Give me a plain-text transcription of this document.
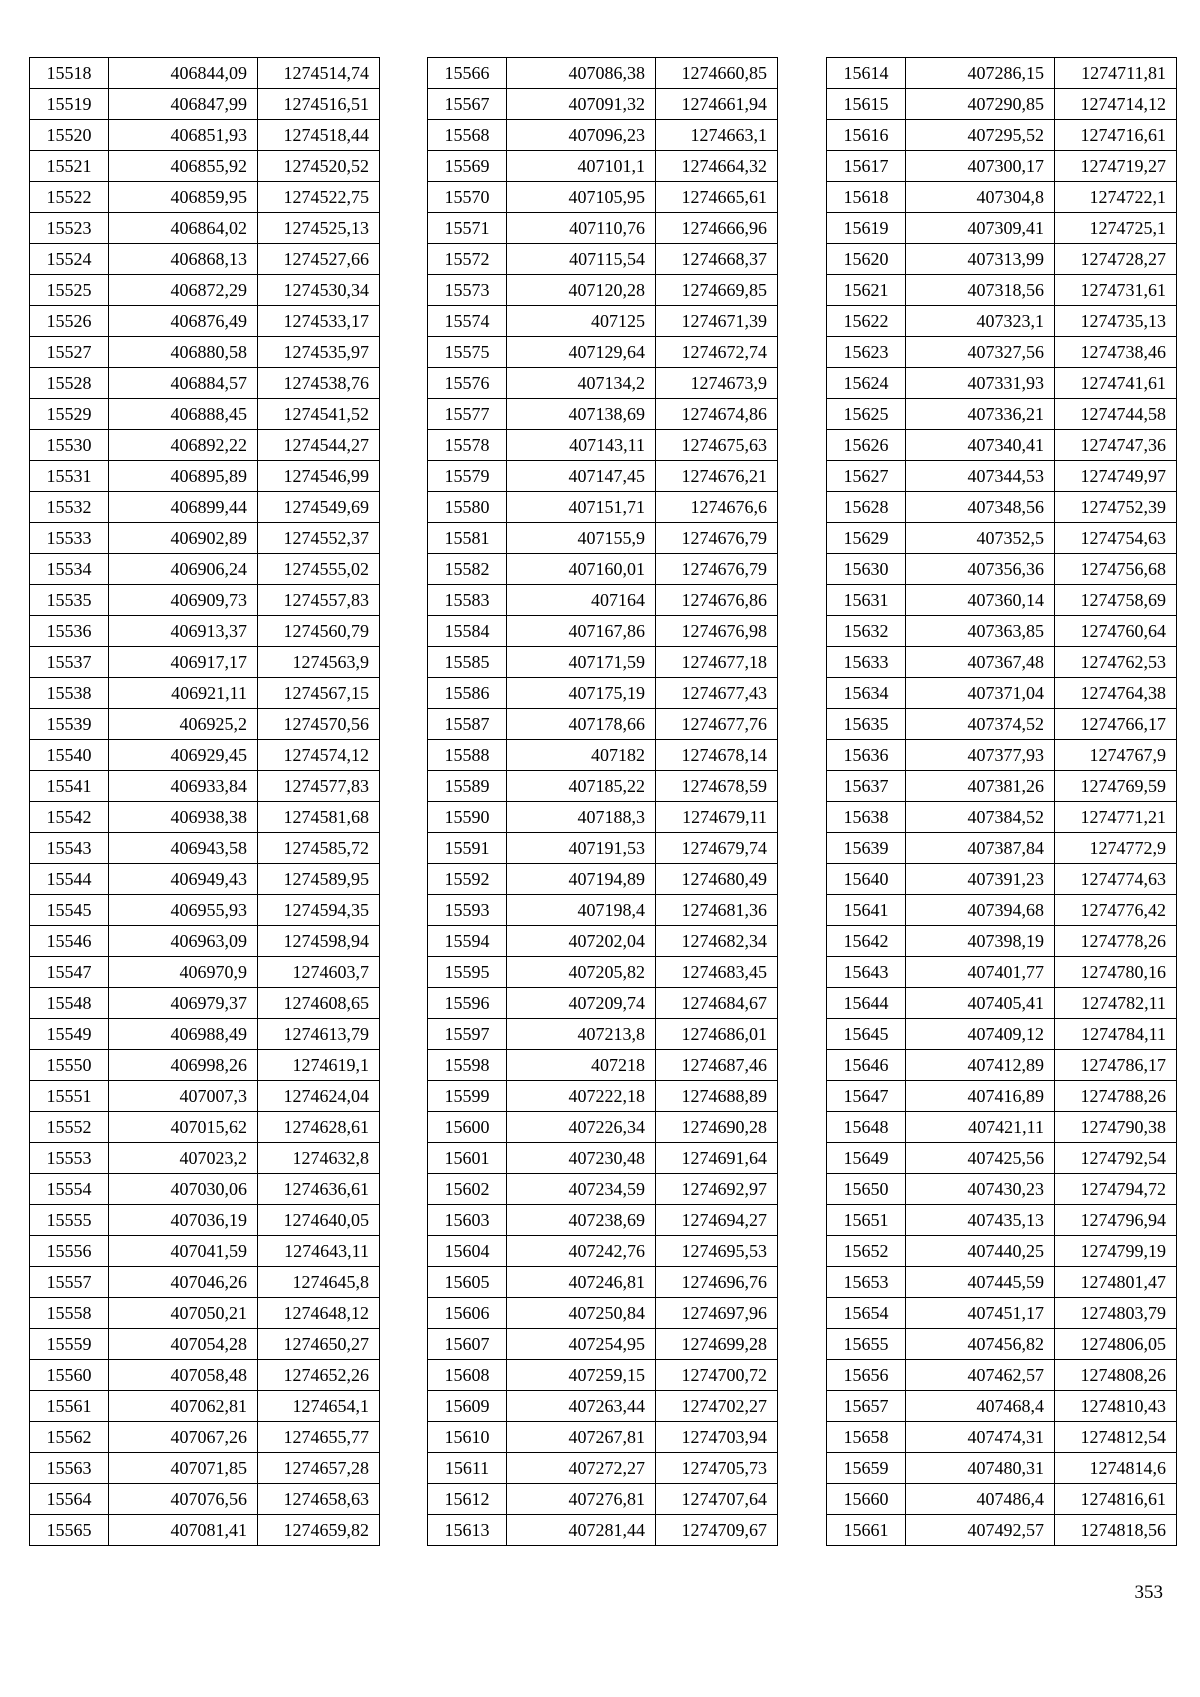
15518	406844,09	1274514,74
15519	406847,99	1274516,51
15520	406851,93	1274518,44
15521	406855,92	1274520,52
15522	406859,95	1274522,75
15523	406864,02	1274525,13
15524	406868,13	1274527,66
15525	406872,29	1274530,34
15526	406876,49	1274533,17
15527	406880,58	1274535,97
15528	406884,57	1274538,76
15529	406888,45	1274541,52
15530	406892,22	1274544,27
15531	406895,89	1274546,99
15532	406899,44	1274549,69
15533	406902,89	1274552,37
15534	406906,24	1274555,02
15535	406909,73	1274557,83
15536	406913,37	1274560,79
15537	406917,17	1274563,9
15538	406921,11	1274567,15
15539	406925,2	1274570,56
15540	406929,45	1274574,12
15541	406933,84	1274577,83
15542	406938,38	1274581,68
15543	406943,58	1274585,72
15544	406949,43	1274589,95
15545	406955,93	1274594,35
15546	406963,09	1274598,94
15547	406970,9	1274603,7
15548	406979,37	1274608,65
15549	406988,49	1274613,79
15550	406998,26	1274619,1
15551	407007,3	1274624,04
15552	407015,62	1274628,61
15553	407023,2	1274632,8
15554	407030,06	1274636,61
15555	407036,19	1274640,05
15556	407041,59	1274643,11
15557	407046,26	1274645,8
15558	407050,21	1274648,12
15559	407054,28	1274650,27
15560	407058,48	1274652,26
15561	407062,81	1274654,1
15562	407067,26	1274655,77
15563	407071,85	1274657,28
15564	407076,56	1274658,63
15565	407081,41	1274659,82
15566	407086,38	1274660,85
15567	407091,32	1274661,94
15568	407096,23	1274663,1
15569	407101,1	1274664,32
15570	407105,95	1274665,61
15571	407110,76	1274666,96
15572	407115,54	1274668,37
15573	407120,28	1274669,85
15574	407125	1274671,39
15575	407129,64	1274672,74
15576	407134,2	1274673,9
15577	407138,69	1274674,86
15578	407143,11	1274675,63
15579	407147,45	1274676,21
15580	407151,71	1274676,6
15581	407155,9	1274676,79
15582	407160,01	1274676,79
15583	407164	1274676,86
15584	407167,86	1274676,98
15585	407171,59	1274677,18
15586	407175,19	1274677,43
15587	407178,66	1274677,76
15588	407182	1274678,14
15589	407185,22	1274678,59
15590	407188,3	1274679,11
15591	407191,53	1274679,74
15592	407194,89	1274680,49
15593	407198,4	1274681,36
15594	407202,04	1274682,34
15595	407205,82	1274683,45
15596	407209,74	1274684,67
15597	407213,8	1274686,01
15598	407218	1274687,46
15599	407222,18	1274688,89
15600	407226,34	1274690,28
15601	407230,48	1274691,64
15602	407234,59	1274692,97
15603	407238,69	1274694,27
15604	407242,76	1274695,53
15605	407246,81	1274696,76
15606	407250,84	1274697,96
15607	407254,95	1274699,28
15608	407259,15	1274700,72
15609	407263,44	1274702,27
15610	407267,81	1274703,94
15611	407272,27	1274705,73
15612	407276,81	1274707,64
15613	407281,44	1274709,67
15614	407286,15	1274711,81
15615	407290,85	1274714,12
15616	407295,52	1274716,61
15617	407300,17	1274719,27
15618	407304,8	1274722,1
15619	407309,41	1274725,1
15620	407313,99	1274728,27
15621	407318,56	1274731,61
15622	407323,1	1274735,13
15623	407327,56	1274738,46
15624	407331,93	1274741,61
15625	407336,21	1274744,58
15626	407340,41	1274747,36
15627	407344,53	1274749,97
15628	407348,56	1274752,39
15629	407352,5	1274754,63
15630	407356,36	1274756,68
15631	407360,14	1274758,69
15632	407363,85	1274760,64
15633	407367,48	1274762,53
15634	407371,04	1274764,38
15635	407374,52	1274766,17
15636	407377,93	1274767,9
15637	407381,26	1274769,59
15638	407384,52	1274771,21
15639	407387,84	1274772,9
15640	407391,23	1274774,63
15641	407394,68	1274776,42
15642	407398,19	1274778,26
15643	407401,77	1274780,16
15644	407405,41	1274782,11
15645	407409,12	1274784,11
15646	407412,89	1274786,17
15647	407416,89	1274788,26
15648	407421,11	1274790,38
15649	407425,56	1274792,54
15650	407430,23	1274794,72
15651	407435,13	1274796,94
15652	407440,25	1274799,19
15653	407445,59	1274801,47
15654	407451,17	1274803,79
15655	407456,82	1274806,05
15656	407462,57	1274808,26
15657	407468,4	1274810,43
15658	407474,31	1274812,54
15659	407480,31	1274814,6
15660	407486,4	1274816,61
15661	407492,57	1274818,56
353
